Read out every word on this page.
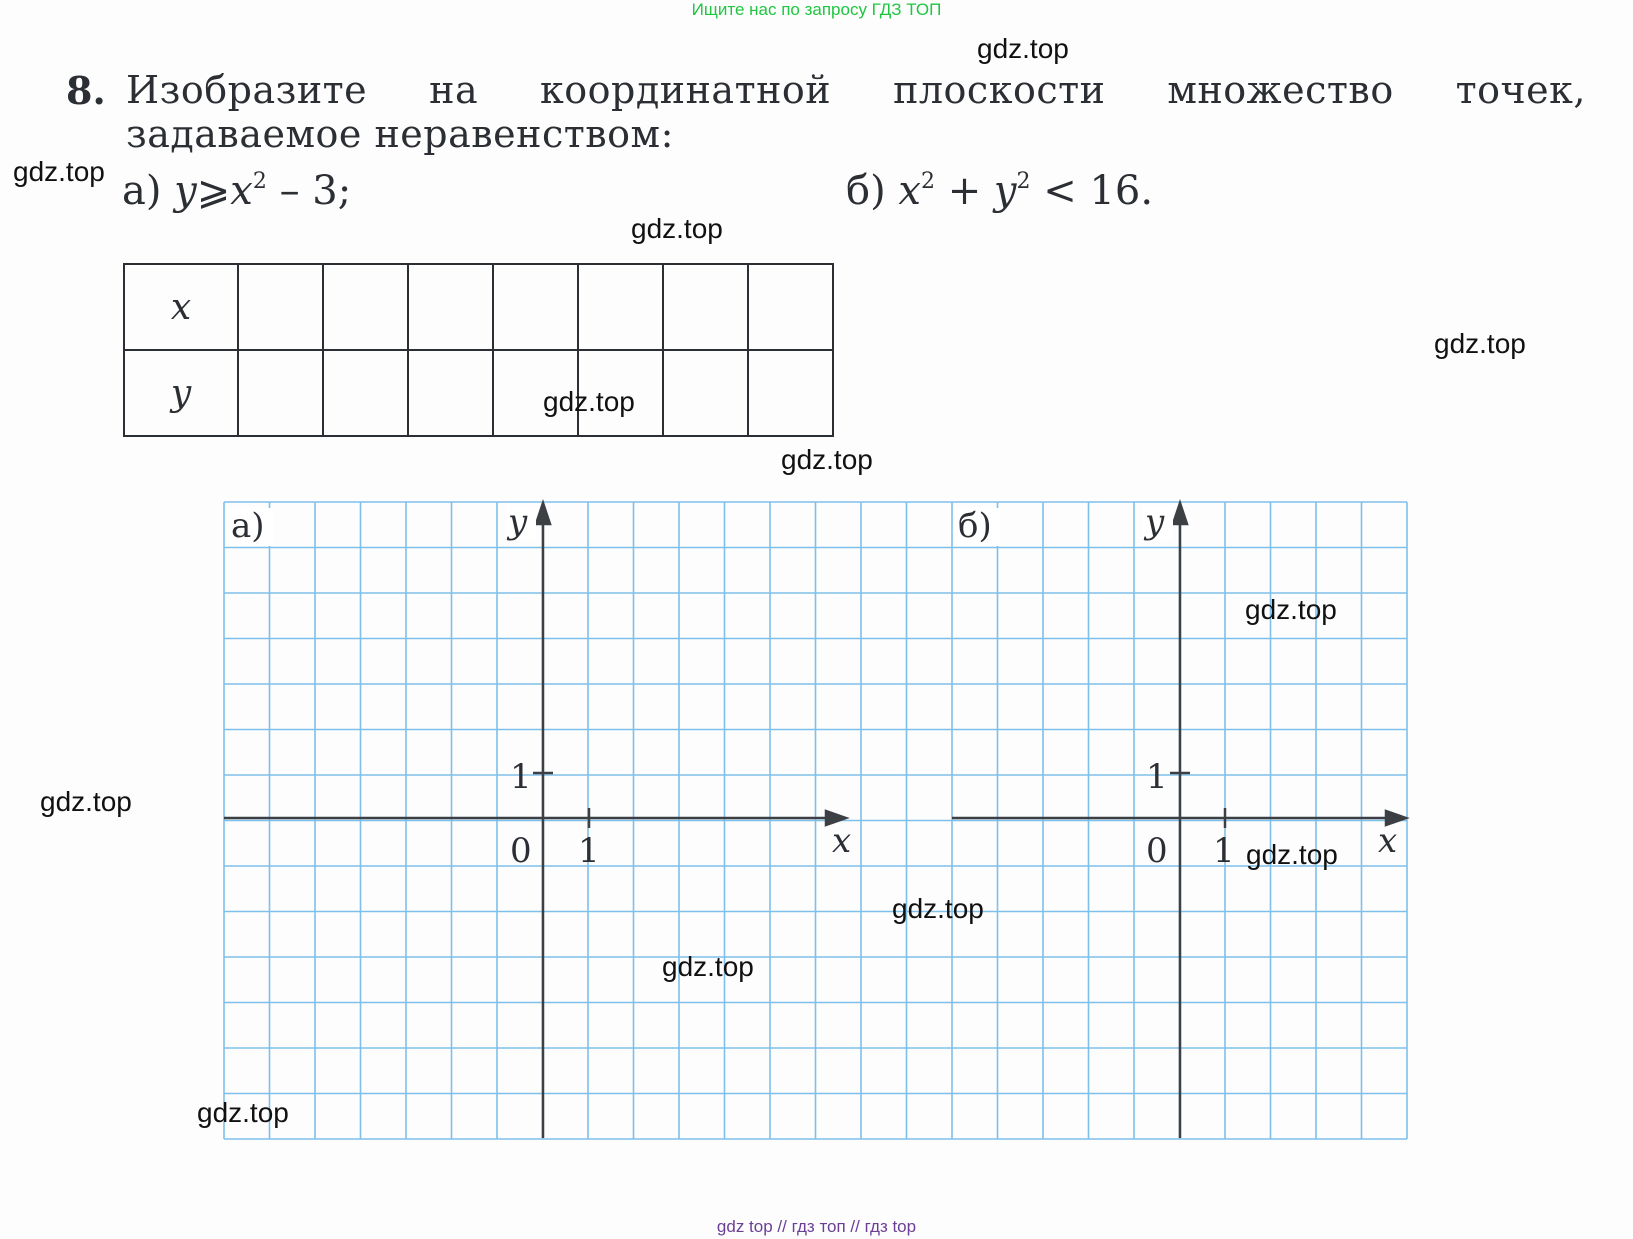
Ищите нас по запросу ГДЗ ТОП
8. Изобразите на координатной плоскости множество точек, задаваемое неравенством:
а) $y⩾x^2 - 3$;	б) $x^2 + y^2 < 16$.
x							
y							
а)	y
1
0 1	x
б)	y
1
0 1	x
gdz.top
gdz.top
gdz.top
gdz.top
gdz.top
gdz.top
gdz.top
gdz.top
gdz.top
gdz.top
gdz.top
gdz.top
gdz top // гдз топ // гдз top
